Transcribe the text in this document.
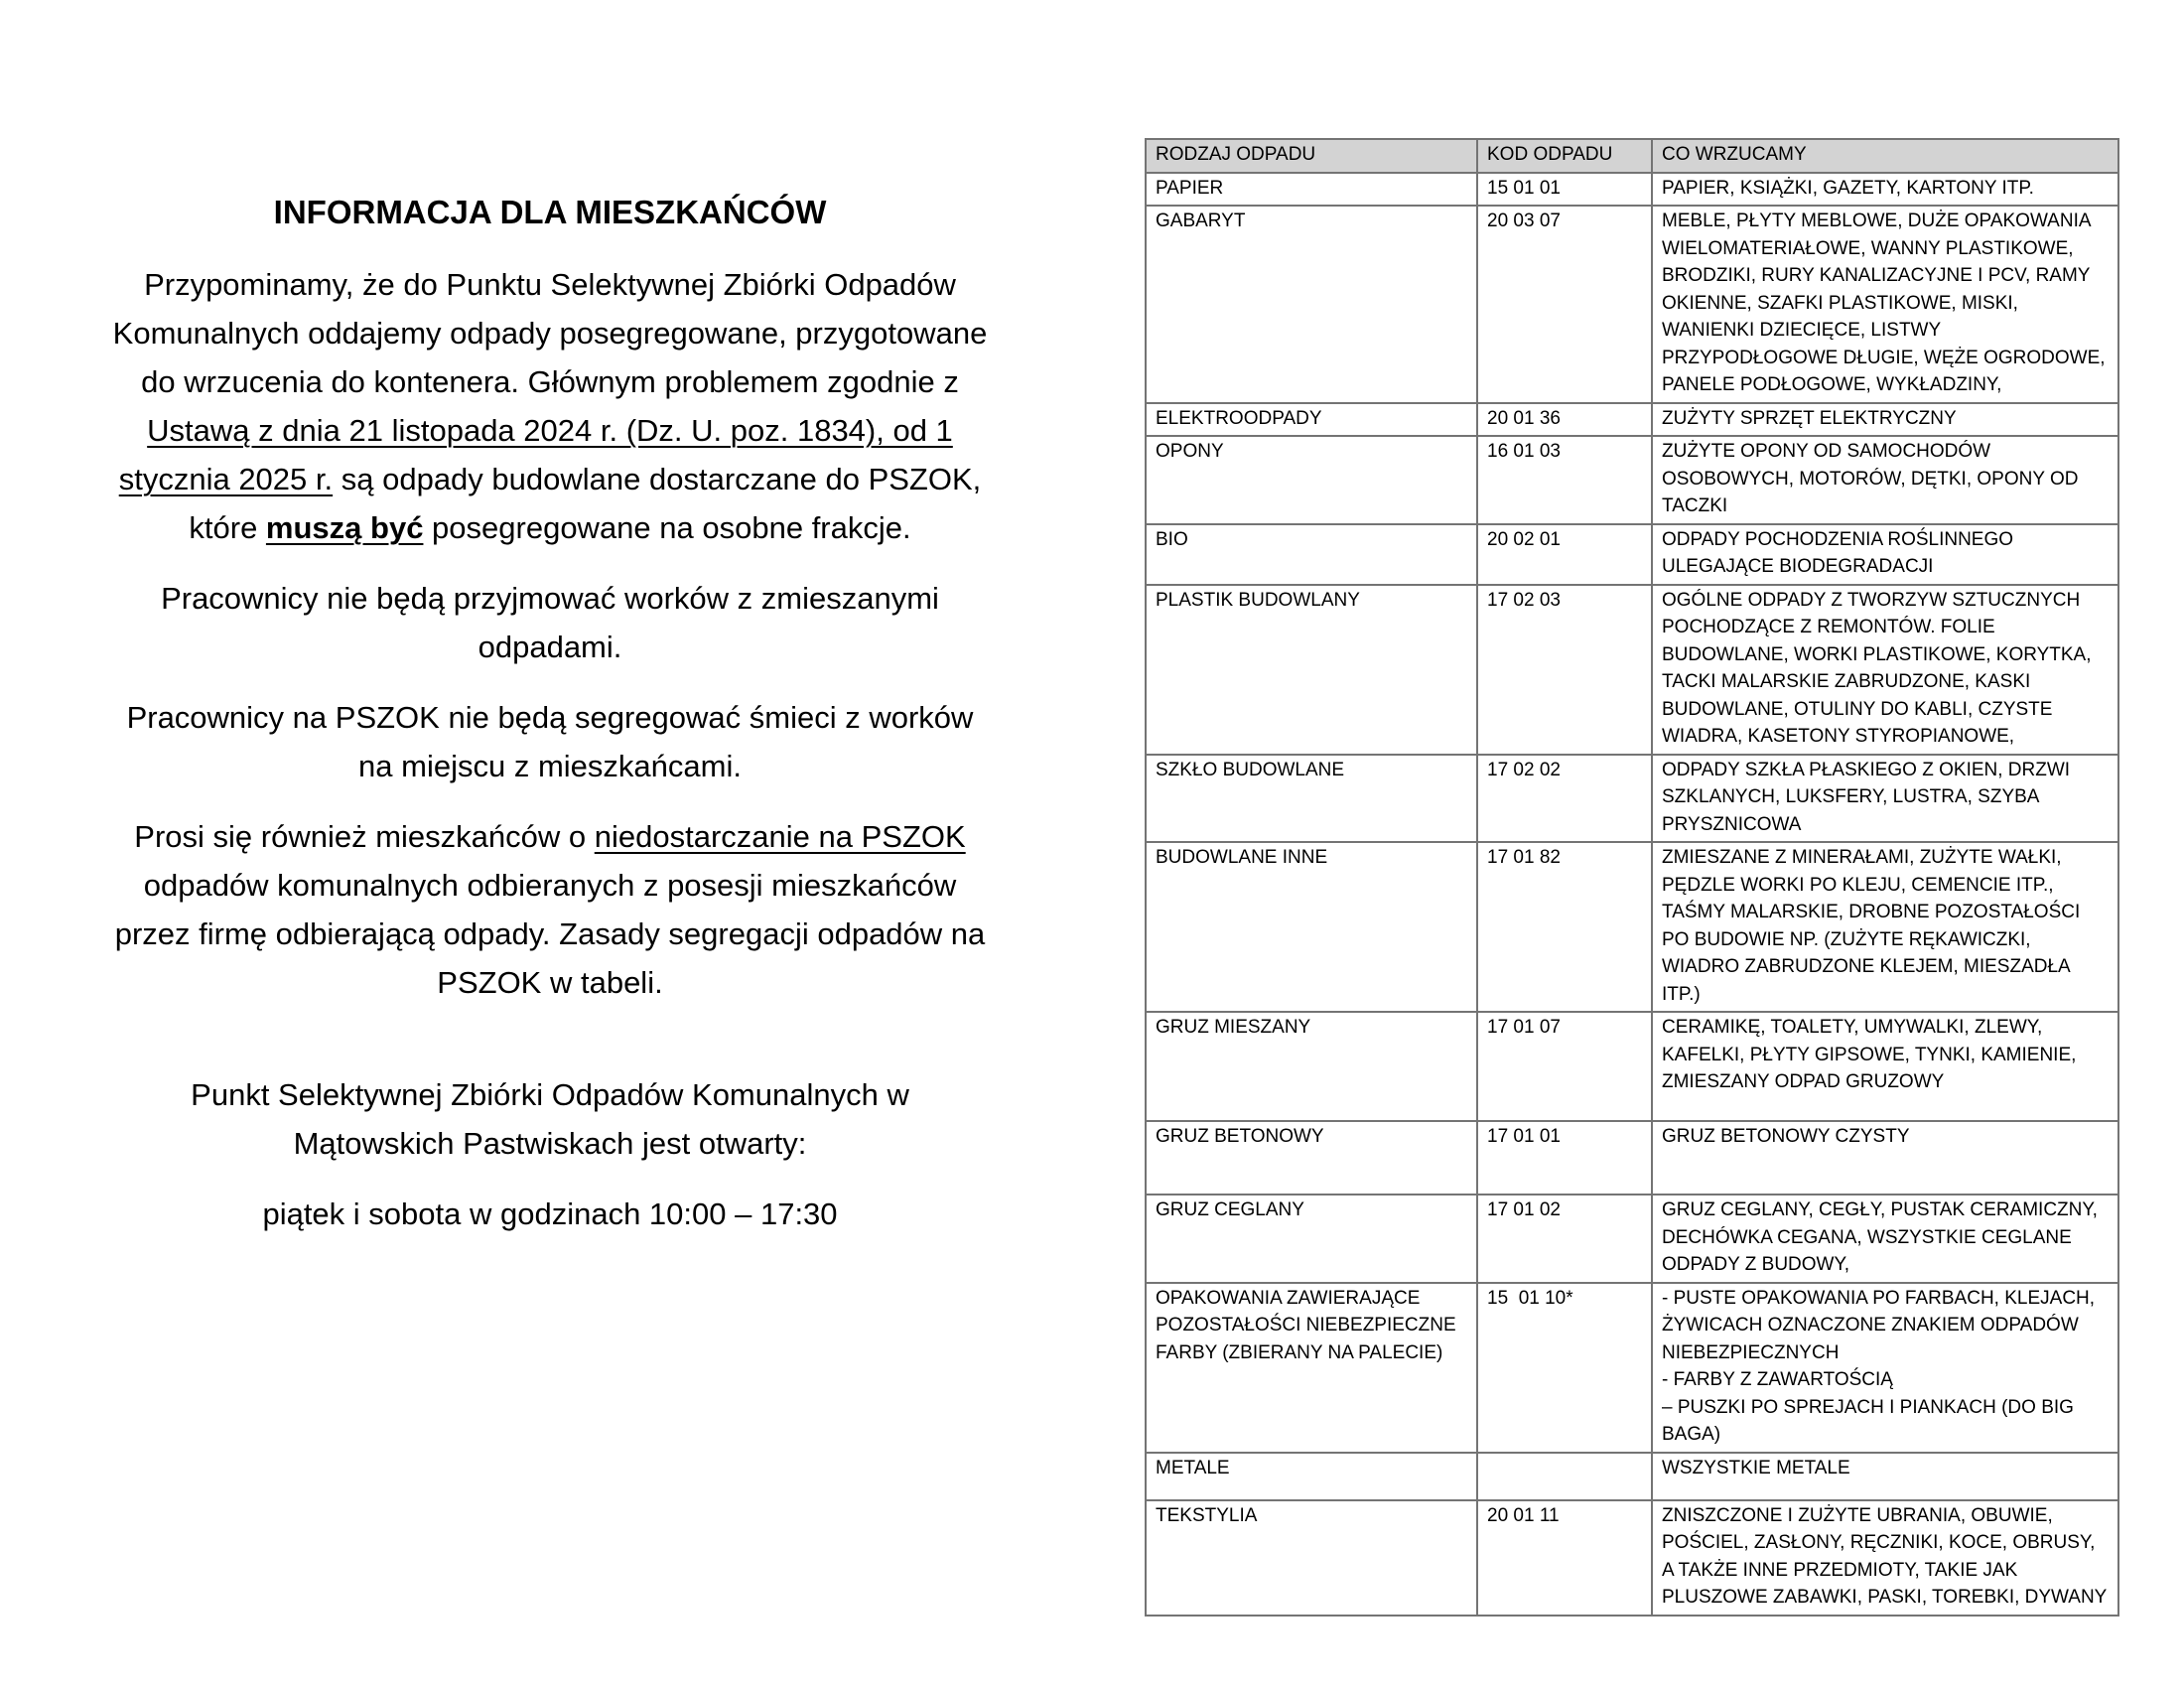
INFORMACJA DLA MIESZKAŃCÓW

Przypominamy, że do Punktu Selektywnej Zbiórki Odpadów Komunalnych oddajemy odpady posegregowane, przygotowane do wrzucenia do kontenera. Głównym problemem zgodnie z Ustawą z dnia 21 listopada 2024 r. (Dz. U. poz. 1834), od 1 stycznia 2025 r. są odpady budowlane dostarczane do PSZOK, które muszą być posegregowane na osobne frakcje.

Pracownicy nie będą przyjmować worków z zmieszanymi odpadami.

Pracownicy na PSZOK nie będą segregować śmieci z worków na miejscu z mieszkańcami.

Prosi się również mieszkańców o niedostarczanie na PSZOK odpadów komunalnych odbieranych z posesji mieszkańców przez firmę odbierającą odpady. Zasady segregacji odpadów na PSZOK w tabeli.

Punkt Selektywnej Zbiórki Odpadów Komunalnych w Mątowskich Pastwiskach jest otwarty:

piątek i sobota w godzinach 10:00 – 17:30

RODZAJ ODPADU	KOD ODPADU	CO WRZUCAMY
PAPIER	15 01 01	PAPIER, KSIĄŻKI, GAZETY, KARTONY ITP.
GABARYT	20 03 07	MEBLE, PŁYTY MEBLOWE, DUŻE OPAKOWANIA WIELOMATERIAŁOWE, WANNY PLASTIKOWE, BRODZIKI, RURY KANALIZACYJNE I PCV, RAMY OKIENNE, SZAFKI PLASTIKOWE, MISKI, WANIENKI DZIECIĘCE, LISTWY PRZYPODŁOGOWE DŁUGIE, WĘŻE OGRODOWE, PANELE PODŁOGOWE, WYKŁADZINY,
ELEKTROODPADY	20 01 36	ZUŻYTY SPRZĘT ELEKTRYCZNY
OPONY	16 01 03	ZUŻYTE OPONY OD SAMOCHODÓW OSOBOWYCH, MOTORÓW, DĘTKI, OPONY OD TACZKI
BIO	20 02 01	ODPADY POCHODZENIA ROŚLINNEGO ULEGAJĄCE BIODEGRADACJI
PLASTIK BUDOWLANY	17 02 03	OGÓLNE ODPADY Z TWORZYW SZTUCZNYCH POCHODZĄCE Z REMONTÓW. FOLIE BUDOWLANE, WORKI PLASTIKOWE, KORYTKA, TACKI MALARSKIE ZABRUDZONE, KASKI BUDOWLANE, OTULINY DO KABLI, CZYSTE WIADRA, KASETONY STYROPIANOWE,
SZKŁO BUDOWLANE	17 02 02	ODPADY SZKŁA PŁASKIEGO Z OKIEN, DRZWI SZKLANYCH, LUKSFERY, LUSTRA, SZYBA PRYSZNICOWA
BUDOWLANE INNE	17 01 82	ZMIESZANE Z MINERAŁAMI, ZUŻYTE WAŁKI, PĘDZLE WORKI PO KLEJU, CEMENCIE ITP., TAŚMY MALARSKIE, DROBNE POZOSTAŁOŚCI PO BUDOWIE NP. (ZUŻYTE RĘKAWICZKI, WIADRO ZABRUDZONE KLEJEM, MIESZADŁA ITP.)
GRUZ MIESZANY	17 01 07	CERAMIKĘ, TOALETY, UMYWALKI, ZLEWY, KAFELKI, PŁYTY GIPSOWE, TYNKI, KAMIENIE, ZMIESZANY ODPAD GRUZOWY
GRUZ BETONOWY	17 01 01	GRUZ BETONOWY CZYSTY
GRUZ CEGLANY	17 01 02	GRUZ CEGLANY, CEGŁY, PUSTAK CERAMICZNY, DECHÓWKA CEGANA, WSZYSTKIE CEGLANE ODPADY Z BUDOWY,
OPAKOWANIA ZAWIERAJĄCE POZOSTAŁOŚCI NIEBEZPIECZNE FARBY (ZBIERANY NA PALECIE)	15  01 10*	- PUSTE OPAKOWANIA PO FARBACH, KLEJACH, ŻYWICACH OZNACZONE ZNAKIEM ODPADÓW NIEBEZPIECZNYCH
- FARBY Z ZAWARTOŚCIĄ
– PUSZKI PO SPREJACH I PIANKACH (DO BIG BAGA)
METALE		WSZYSTKIE METALE
TEKSTYLIA	20 01 11	ZNISZCZONE I ZUŻYTE UBRANIA, OBUWIE, POŚCIEL, ZASŁONY, RĘCZNIKI, KOCE, OBRUSY, A TAKŻE INNE PRZEDMIOTY, TAKIE JAK PLUSZOWE ZABAWKI, PASKI, TOREBKI, DYWANY
